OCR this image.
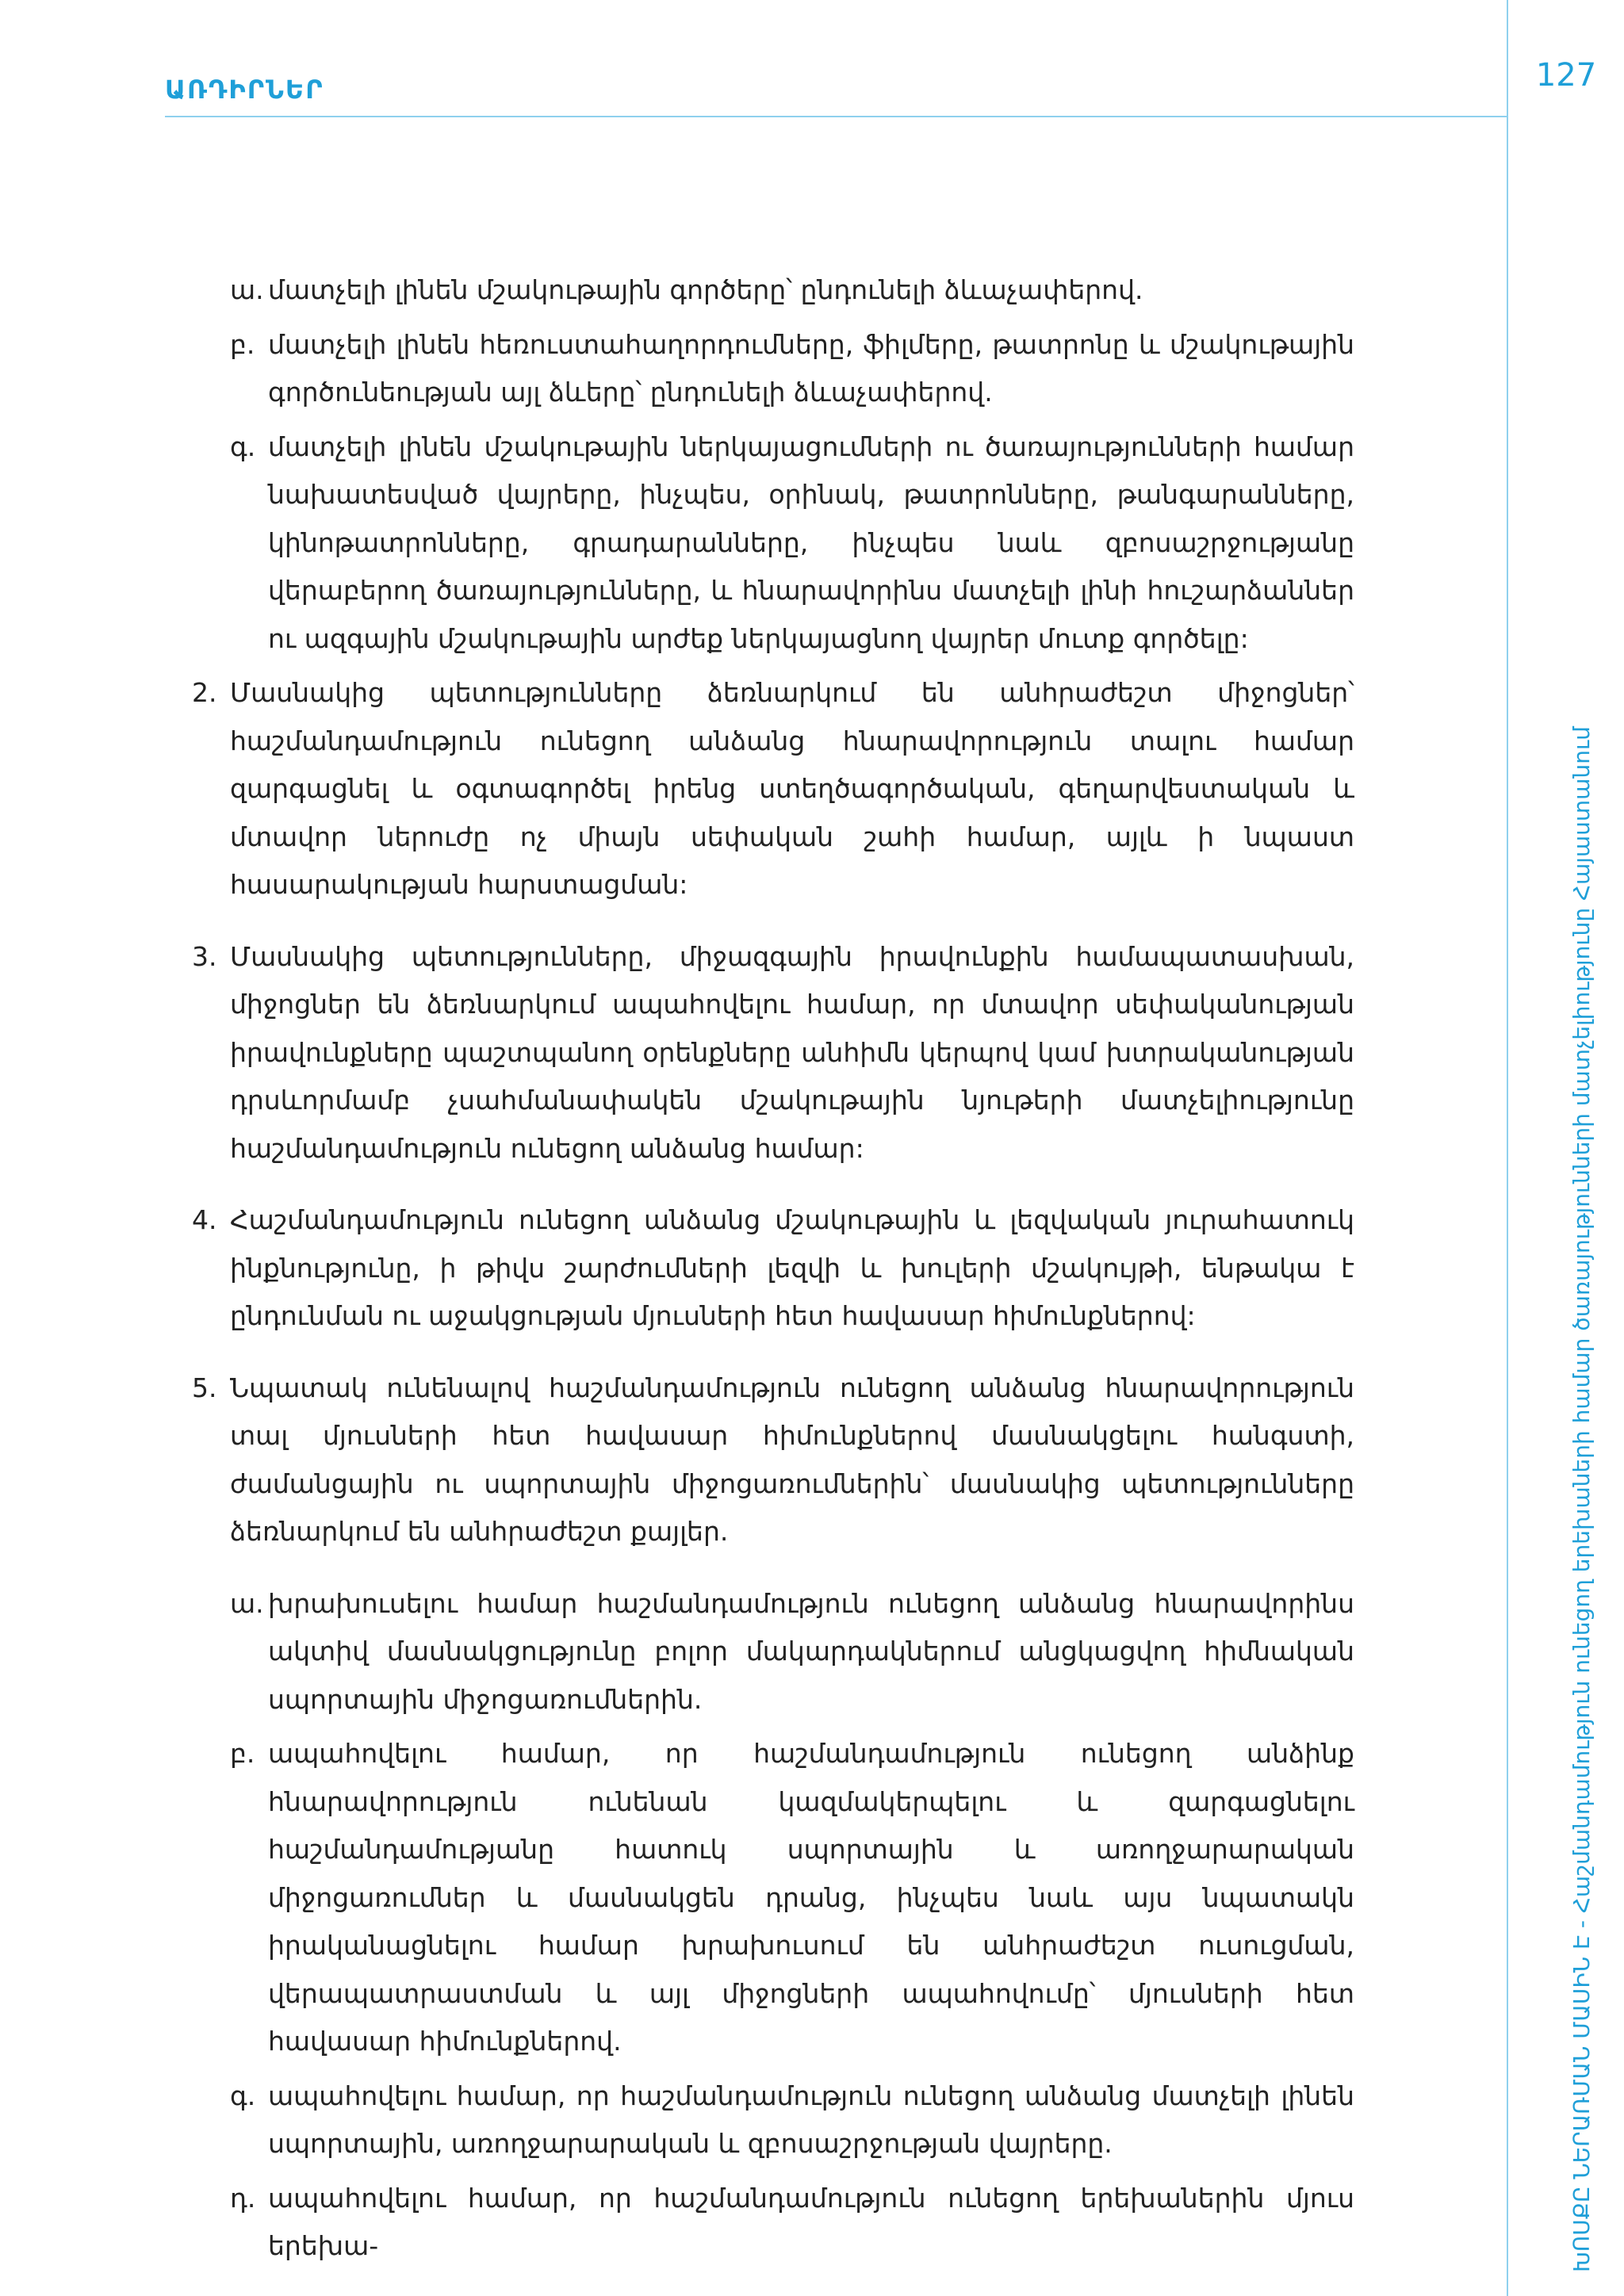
ԱՌԴԻՐՆԵՐ	127
ԽՈՍՔԸ ՆԵՐԱՌՄԱՆ ՄԱՍԻՆ Է - Հաշմանդամություն ունեցող երեխաների համար ծառայությունների մատչելիությունը Հայաստանում
ա. մատչելի լինեն մշակութային գործերը՝ ընդունելի ձևաչափերով.
բ. մատչելի լինեն հեռուստահաղորդումները, ֆիլմերը, թատրոնը և մշակութային գործունեության այլ ձևերը՝ ընդունելի ձևաչափերով.
գ. մատչելի լինեն մշակութային ներկայացումների ու ծառայությունների համար նախատեսված վայրերը, ինչպես, օրինակ, թատրոնները, թանգարանները, կինոթատրոնները, գրադարանները, ինչպես նաև զբոսաշրջությանը վերաբերող ծառայությունները, և հնարավորինս մատչելի լինի հուշարձաններ ու ազգային մշակութային արժեք ներկայացնող վայրեր մուտք գործելը:
2. Մասնակից պետությունները ձեռնարկում են անհրաժեշտ միջոցներ՝ հաշմանդամություն ունեցող անձանց հնարավորություն տալու համար զարգացնել և օգտագործել իրենց ստեղծագործական, գեղարվեստական և մտավոր ներուժը ոչ միայն սեփական շահի համար, այլև ի նպաստ հասարակության հարստացման:
3. Մասնակից պետությունները, միջազգային իրավունքին համապատասխան, միջոցներ են ձեռնարկում ապահովելու համար, որ մտավոր սեփականության իրավունքները պաշտպանող օրենքները անհիմն կերպով կամ խտրականության դրսևորմամբ չսահմանափակեն մշակութային նյութերի մատչելիությունը հաշմանդամություն ունեցող անձանց համար:
4. Հաշմանդամություն ունեցող անձանց մշակութային և լեզվական յուրահատուկ ինքնությունը, ի թիվս շարժումների լեզվի և խուլերի մշակույթի, ենթակա է ընդունման ու աջակցության մյուսների հետ հավասար հիմունքներով:
5. Նպատակ ունենալով հաշմանդամություն ունեցող անձանց հնարավորություն տալ մյուսների հետ հավասար հիմունքներով մասնակցելու հանգստի, ժամանցային ու սպորտային միջոցառումներին՝ մասնակից պետությունները ձեռնարկում են անհրաժեշտ քայլեր.
ա. խրախուսելու համար հաշմանդամություն ունեցող անձանց հնարավորինս ակտիվ մասնակցությունը բոլոր մակարդակներում անցկացվող հիմնական սպորտային միջոցառումներին.
բ. ապահովելու համար, որ հաշմանդամություն ունեցող անձինք հնարավորություն ունենան կազմակերպելու և զարգացնելու հաշմանդամությանը հատուկ սպորտային և առողջարարական միջոցառումներ և մասնակցեն դրանց, ինչպես նաև այս նպատակն իրականացնելու համար խրախուսում են անհրաժեշտ ուսուցման, վերապատրաստման և այլ միջոցների ապահովումը՝ մյուսների հետ հավասար հիմունքներով.
գ. ապահովելու համար, որ հաշմանդամություն ունեցող անձանց մատչելի լինեն սպորտային, առողջարարական և զբոսաշրջության վայրերը.
դ. ապահովելու համար, որ հաշմանդամություն ունեցող երեխաներին մյուս երեխա-
